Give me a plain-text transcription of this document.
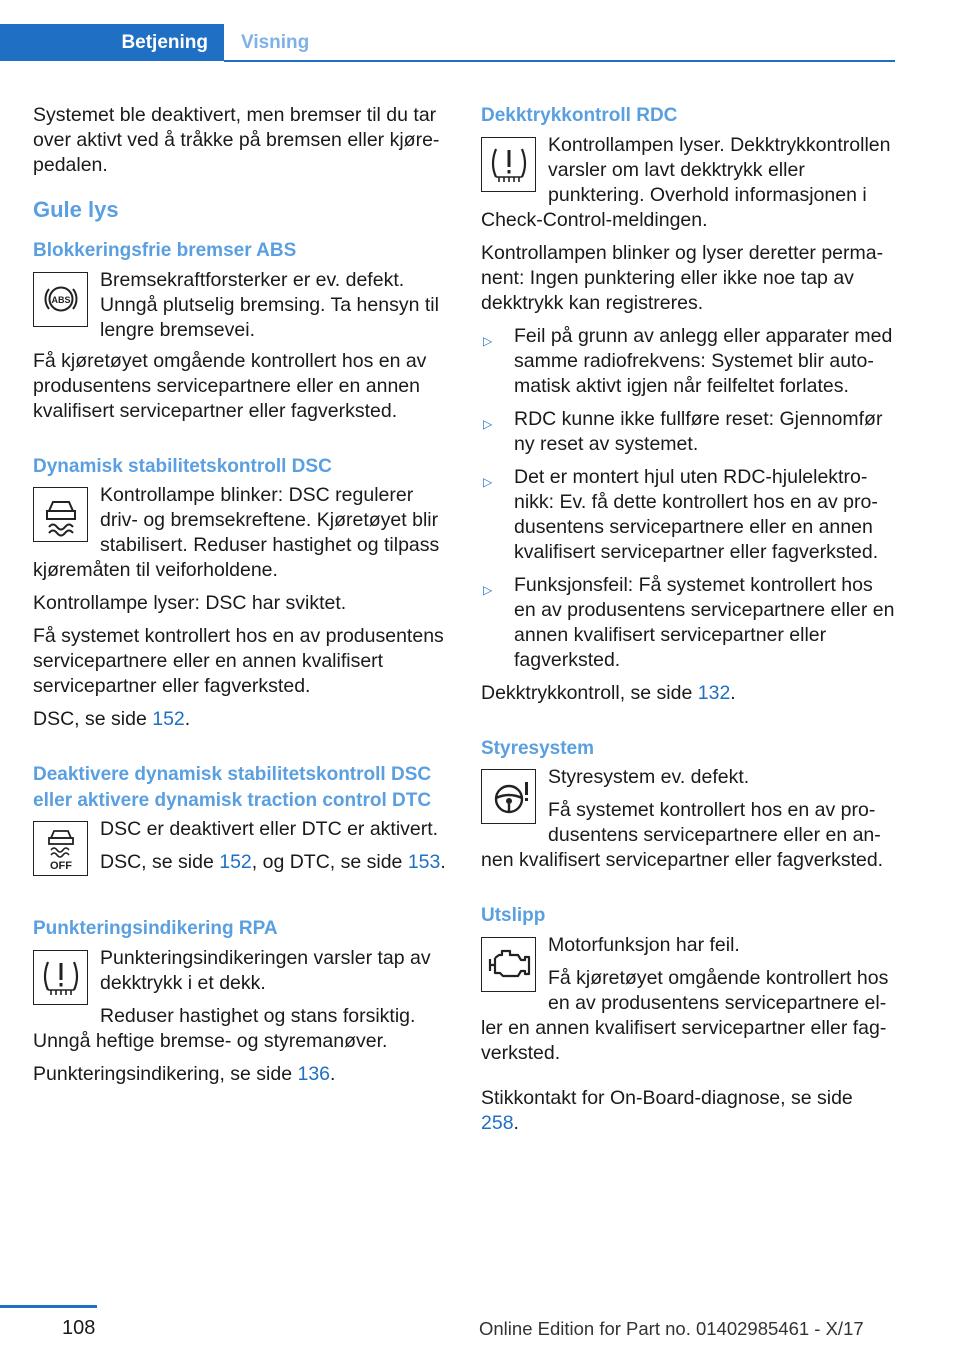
Betjening	Visning

Systemet ble deaktivert, men bremser til du tar over aktivt ved å tråkke på bremsen eller kjørepedalen.

Gule lys
Blokkeringsfrie bremser ABS
ABS

Bremsekraftforsterker er ev. defekt. Unngå plutselig bremsing. Ta hensyn til lengre bremsevei.

Få kjøretøyet omgående kontrollert hos en av produsentens servicepartnere eller en annen kvalifisert servicepartner eller fagverksted.

Dynamisk stabilitetskontroll DSC

Kontrollampe blinker: DSC regulerer driv- og bremsekreftene. Kjøretøyet blir stabilisert. Reduser hastighet og tilpass kjøremåten til veiforholdene.

Kontrollampe lyser: DSC har sviktet.

Få systemet kontrollert hos en av produsentens servicepartnere eller en annen kvalifisert servicepartner eller fagverksted.

DSC, se side 152.

Deaktivere dynamisk stabilitetskontroll DSC eller aktivere dynamisk traction control DTC
OFF

DSC er deaktivert eller DTC er aktivert.

DSC, se side 152, og DTC, se side 153.

Punkteringsindikering RPA

Punkteringsindikeringen varsler tap av dekktrykk i et dekk.

Reduser hastighet og stans forsiktig. Unngå heftige bremse- og styremanøver.

Punkteringsindikering, se side 136.

Dekktrykkontroll RDC

Kontrollampen lyser. Dekktrykkontrollen varsler om lavt dekktrykk eller punktering. Overhold informasjonen i Check-Control-meldingen.

Kontrollampen blinker og lyser deretter permanent: Ingen punktering eller ikke noe tap av dekktrykk kan registreres.

▷ Feil på grunn av anlegg eller apparater med samme radiofrekvens: Systemet blir automatisk aktivt igjen når feilfeltet forlates.
▷ RDC kunne ikke fullføre reset: Gjennomfør ny reset av systemet.
▷ Det er montert hjul uten RDC-hjulelektronikk: Ev. få dette kontrollert hos en av produsentens servicepartnere eller en annen kvalifisert servicepartner eller fagverksted.
▷ Funksjonsfeil: Få systemet kontrollert hos en av produsentens servicepartnere eller en annen kvalifisert servicepartner eller fagverksted.

Dekktrykkontroll, se side 132.

Styresystem

Styresystem ev. defekt.

Få systemet kontrollert hos en av produsentens servicepartnere eller en annen kvalifisert servicepartner eller fagverksted.

Utslipp

Motorfunksjon har feil.

Få kjøretøyet omgående kontrollert hos en av produsentens servicepartnere eller en annen kvalifisert servicepartner eller fagverksted.

Stikkontakt for On-Board-diagnose, se side 258.

108	Online Edition for Part no. 01402985461 - X/17
